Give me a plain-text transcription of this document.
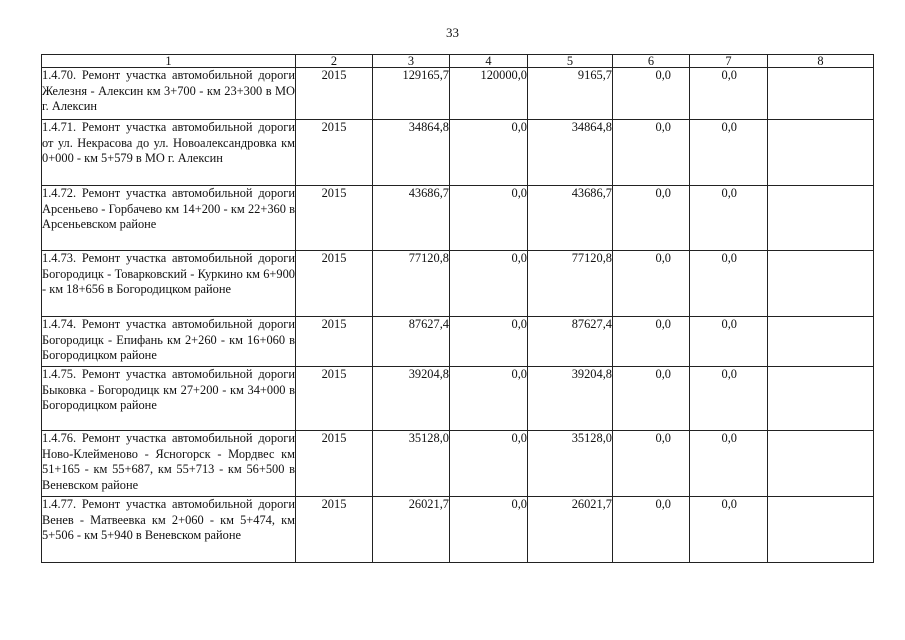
33
1	2	3	4	5	6	7	8
1.4.70. Ремонт участка автомобильной дороги Железня - Алексин км 3+700 - км 23+300 в МО г. Алексин	2015	129165,7	120000,0	9165,7	0,0	0,0	
1.4.71. Ремонт участка автомобильной дороги от ул. Некрасова до ул. Новоалександровка км 0+000 - км 5+579 в МО г. Алексин	2015	34864,8	0,0	34864,8	0,0	0,0	
1.4.72. Ремонт участка автомобильной дороги Арсеньево - Горбачево км 14+200 - км 22+360 в Арсеньевском районе	2015	43686,7	0,0	43686,7	0,0	0,0	
1.4.73. Ремонт участка автомобильной дороги Богородицк - Товарковский - Куркино км 6+900 - км 18+656 в Богородицком районе	2015	77120,8	0,0	77120,8	0,0	0,0	
1.4.74. Ремонт участка автомобильной дороги Богородицк - Епифань км 2+260 - км 16+060 в Богородицком районе	2015	87627,4	0,0	87627,4	0,0	0,0	
1.4.75. Ремонт участка автомобильной дороги Быковка - Богородицк км 27+200 - км 34+000 в Богородицком районе	2015	39204,8	0,0	39204,8	0,0	0,0	
1.4.76. Ремонт участка автомобильной дороги Ново-Клейменово - Ясногорск - Мордвес км 51+165 - км 55+687, км 55+713 - км 56+500 в Веневском районе	2015	35128,0	0,0	35128,0	0,0	0,0	
1.4.77. Ремонт участка автомобильной дороги Венев - Матвеевка км 2+060 - км 5+474, км 5+506 - км 5+940 в Веневском районе	2015	26021,7	0,0	26021,7	0,0	0,0	
